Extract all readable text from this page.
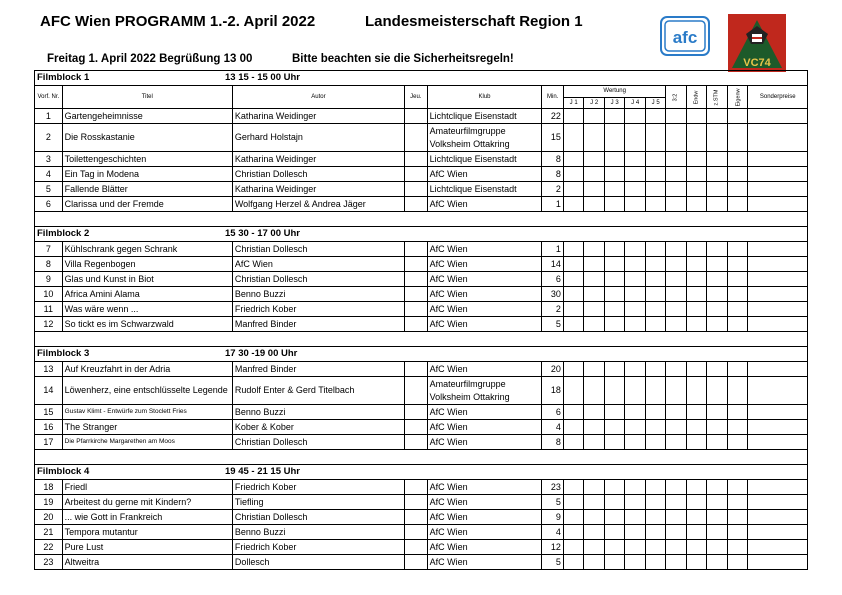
AFC Wien PROGRAMM 1.-2. April 2022	Landesmeisterschaft Region 1
Freitag 1. April 2022 Begrüßung 13 00	Bitte beachten sie die Sicherheitsregeln!
afc
VC74
Filmblock 1 13 15 - 15 00 Uhr															
Vorf. Nr.	Titel	Autor	Jeu.	Klub	Min.	Wertung					3:2	Endw	z.STM	Eigenw	Sonderpreise
						J 1	J 2	J 3	J 4	J 5					
1	Gartengeheimnisse	Katharina Weidinger		Lichtclique Eisenstadt	22										
2	Die Rosskastanie	Gerhard Holstajn		Amateurfilmgruppe Volksheim Ottakring	15										
3	Toilettengeschichten	Katharina Weidinger		Lichtclique Eisenstadt	8										
4	Ein Tag in Modena	Christian Dollesch		AfC Wien	8										
5	Fallende Blätter	Katharina Weidinger		Lichtclique Eisenstadt	2										
6	Clarissa und der Fremde	Wolfgang Herzel & Andrea Jäger		AfC Wien	1										

Filmblock 2 15 30 - 17 00 Uhr															
7	Kühlschrank gegen Schrank	Christian Dollesch		AfC Wien	1										
8	Villa Regenbogen	AfC Wien		AfC Wien	14										
9	Glas und Kunst in Biot	Christian Dollesch		AfC Wien	6										
10	Africa Amini Alama	Benno Buzzi		AfC Wien	30										
11	Was wäre wenn ...	Friedrich Kober		AfC Wien	2										
12	So tickt es im Schwarzwald	Manfred Binder		AfC Wien	5										

Filmblock 3 17 30 -19 00 Uhr															
13	Auf Kreuzfahrt in der Adria	Manfred Binder		AfC Wien	20										
14	Löwenherz, eine entschlüsselte Legende	Rudolf Enter & Gerd Titelbach		Amateurfilmgruppe Volksheim Ottakring	18										
15	Gustav Klimt - Entwürfe zum Stoclett Fries	Benno Buzzi		AfC Wien	6										
16	The Stranger	Kober & Kober		AfC Wien	4										
17	Die Pfarrkirche Margarethen am Moos	Christian Dollesch		AfC Wien	8										

Filmblock 4 19 45 - 21 15 Uhr															
18	Friedl	Friedrich Kober		AfC Wien	23										
19	Arbeitest du gerne mit Kindern?	Tiefling		AfC Wien	5										
20	... wie Gott in Frankreich	Christian Dollesch		AfC Wien	9										
21	Tempora mutantur	Benno Buzzi		AfC Wien	4										
22	Pure Lust	Friedrich Kober		AfC Wien	12										
23	Altweitra	Dollesch		AfC Wien	5										
